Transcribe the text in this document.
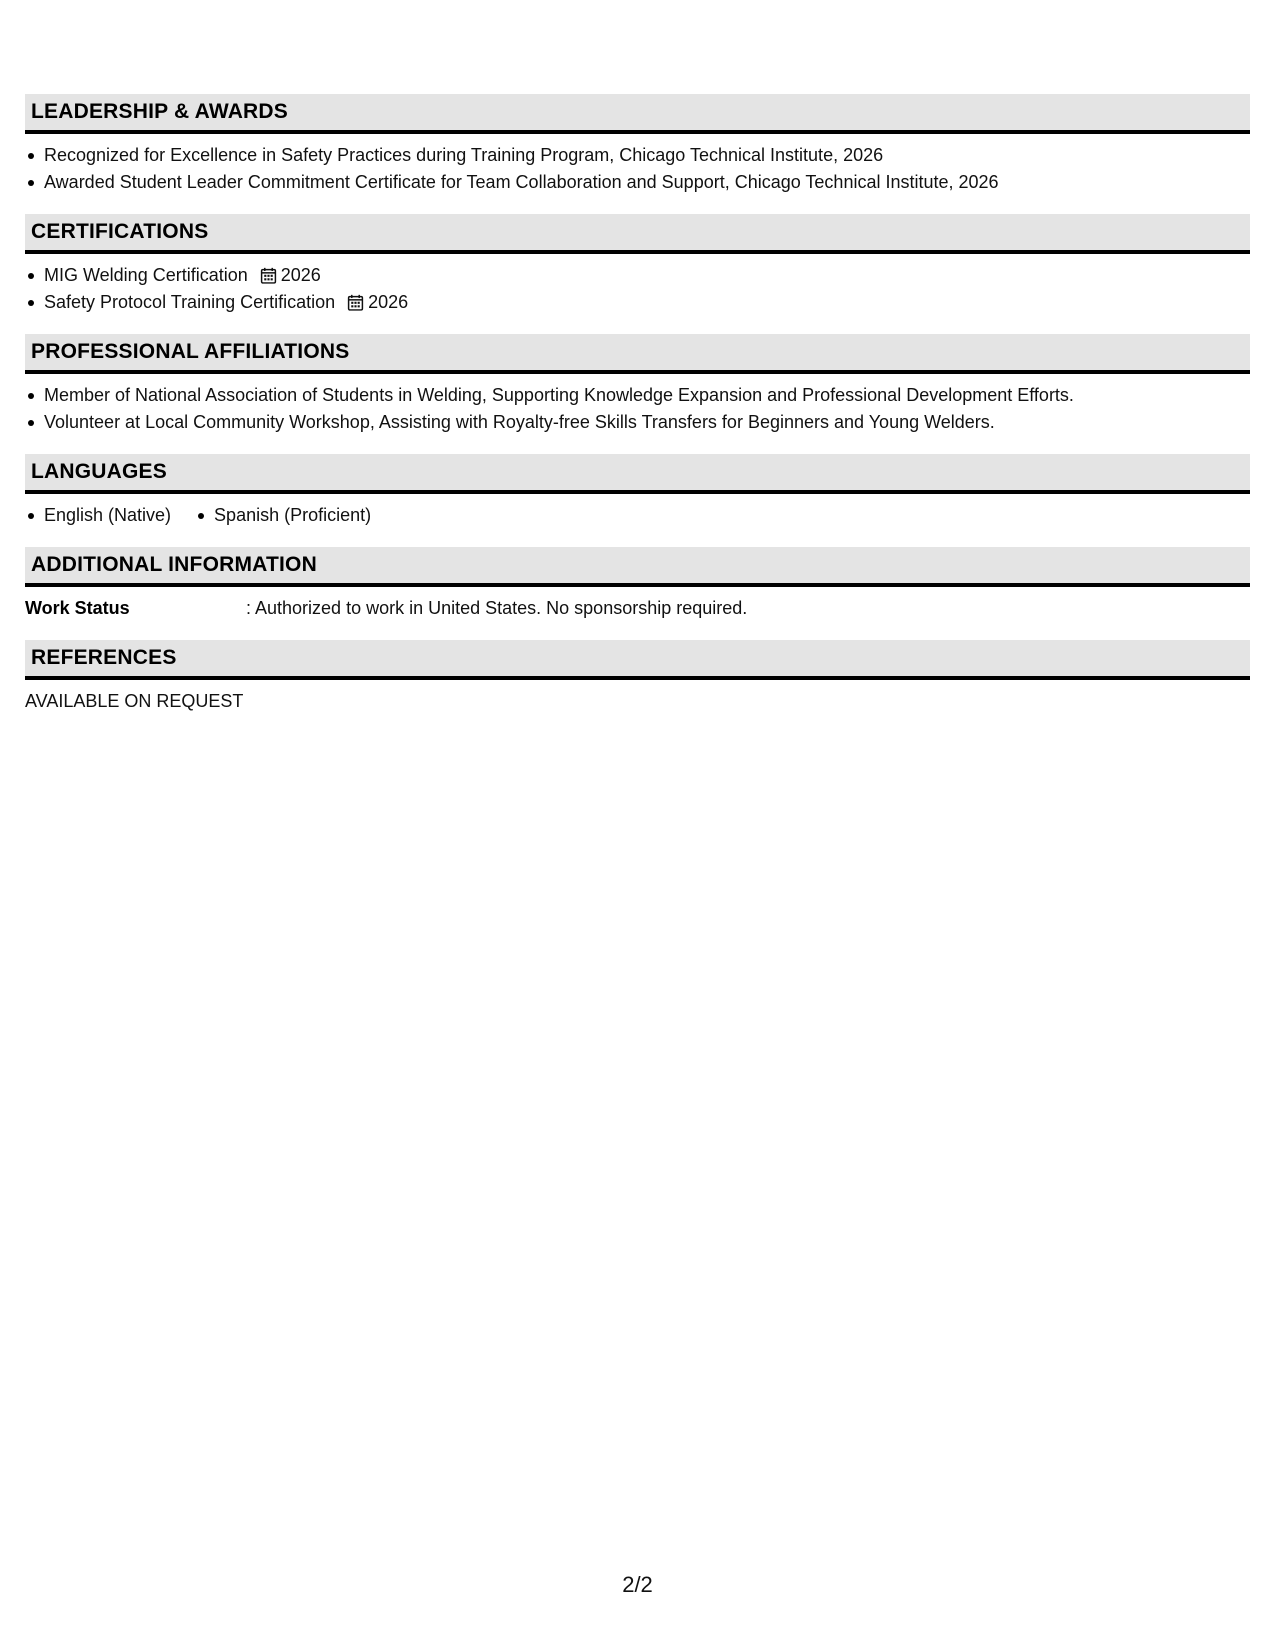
LEADERSHIP & AWARDS
Recognized for Excellence in Safety Practices during Training Program, Chicago Technical Institute, 2026
Awarded Student Leader Commitment Certificate for Team Collaboration and Support, Chicago Technical Institute, 2026
CERTIFICATIONS
MIG Welding Certification 2026
Safety Protocol Training Certification 2026
PROFESSIONAL AFFILIATIONS
Member of National Association of Students in Welding, Supporting Knowledge Expansion and Professional Development Efforts.
Volunteer at Local Community Workshop, Assisting with Royalty-free Skills Transfers for Beginners and Young Welders.
LANGUAGES
English (Native) Spanish (Proficient)
ADDITIONAL INFORMATION
Work Status	: Authorized to work in United States. No sponsorship required.
REFERENCES
AVAILABLE ON REQUEST
2/2
